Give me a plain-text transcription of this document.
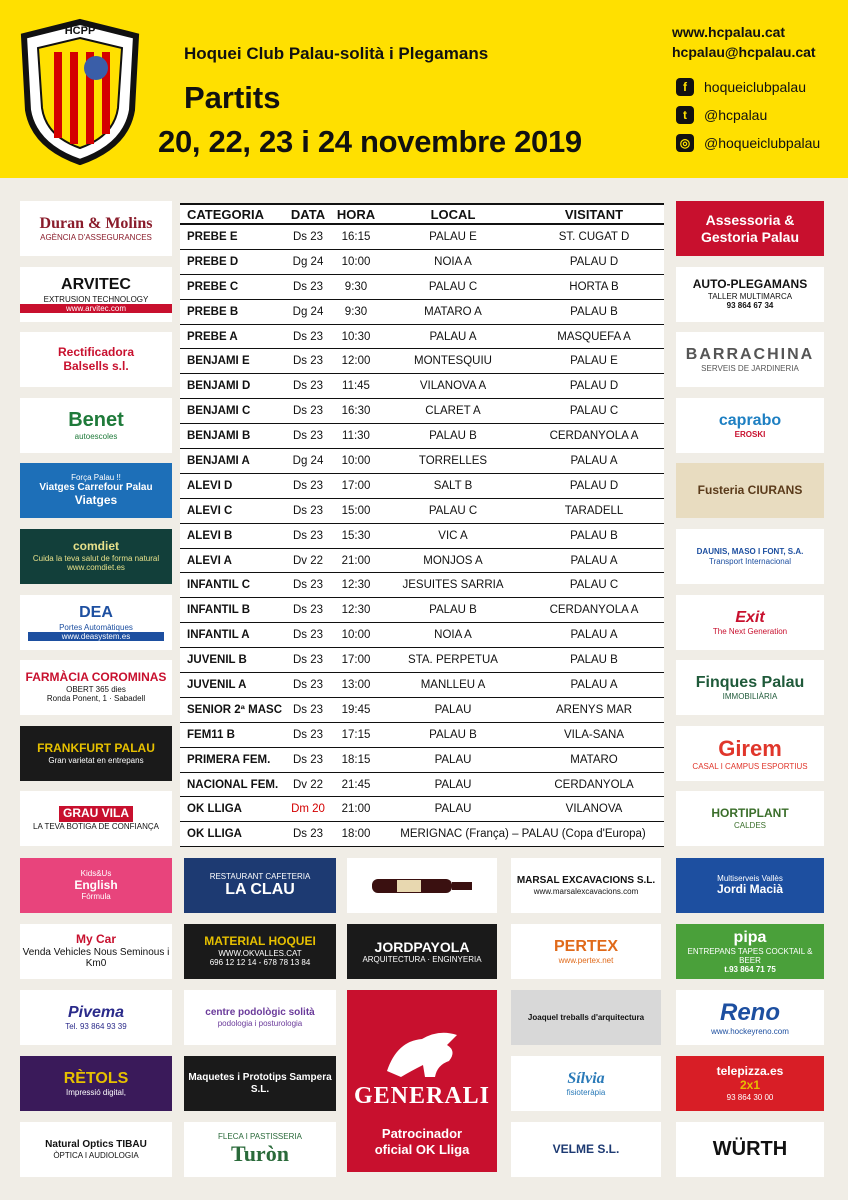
HCPP
Hoquei Club Palau-solità i Plegamans
Partits
20, 22, 23 i 24 novembre 2019
www.hcpalau.cat
hcpalau@hcpalau.cat
f	hoqueiclubpalau
t	@hcpalau
◎ @hoqueiclubpalau
CATEGORIA	DATA HORA	LOCAL	VISITANT
PREBE E	Ds 23	16:15	PALAU E	ST. CUGAT D
PREBE D	Dg 24	10:00	NOIA A	PALAU D
PREBE C	Ds 23	9:30	PALAU C	HORTA B
PREBE B	Dg 24	9:30	MATARO A	PALAU B
PREBE A	Ds 23	10:30	PALAU A	MASQUEFA A
BENJAMI E	Ds 23	12:00	MONTESQUIU	PALAU E
BENJAMI D	Ds 23	11:45	VILANOVA A	PALAU D
BENJAMI C	Ds 23	16:30	CLARET A	PALAU C
BENJAMI B	Ds 23	11:30	PALAU B	CERDANYOLA A
BENJAMI A	Dg 24	10:00	TORRELLES	PALAU A
ALEVI D	Ds 23	17:00	SALT B	PALAU D
ALEVI C	Ds 23	15:00	PALAU C	TARADELL
ALEVI B	Ds 23	15:30	VIC A	PALAU B
ALEVI A	Dv 22	21:00	MONJOS A	PALAU A
INFANTIL C	Ds 23	12:30	JESUITES SARRIA	PALAU C
INFANTIL B	Ds 23	12:30	PALAU B	CERDANYOLA A
INFANTIL A	Ds 23	10:00	NOIA A	PALAU A
JUVENIL B	Ds 23	17:00	STA. PERPETUA	PALAU B
JUVENIL A	Ds 23	13:00	MANLLEU A	PALAU A
SENIOR 2ª MASC Ds 23	19:45	PALAU	ARENYS MAR
FEM11 B	Ds 23	17:15	PALAU B	VILA-SANA
PRIMERA FEM.	Ds 23	18:15	PALAU	MATARO
NACIONAL FEM.	Dv 22	21:45	PALAU	CERDANYOLA
OK LLIGA	Dm 20	21:00	PALAU	VILANOVA
OK LLIGA	Ds 23	18:00	MERIGNAC (França) – PALAU (Copa d'Europa)
Duran & Molins
AGÈNCIA D'ASSEGURANCES
ARVITEC
EXTRUSION TECHNOLOGY
www.arvitec.com
Rectificadora
Balsells s.l.
Benet
autoescoles
Força Palau !!
Viatges Carrefour Palau
Viatges
comdiet
Cuida la teva salut de forma natural
www.comdiet.es
DEA
Portes Automàtiques
www.deasystem.es
FARMÀCIA COROMINAS
OBERT 365 dies
Ronda Ponent, 1 · Sabadell
FRANKFURT PALAU
Gran varietat en entrepans
GRAU VILA
LA TEVA BOTIGA DE CONFIANÇA
Assessoria &
Gestoria Palau
AUTO-PLEGAMANS
TALLER MULTIMARCA
93 864 67 34
BARRACHINA
SERVEIS DE JARDINERIA
caprabo
EROSKI
Fusteria CIURANS
DAUNIS, MASO I FONT, S.A.
Transport Internacional
Exit
The Next Generation
Finques Palau
IMMOBILIÀRIA
Girem
CASAL I CAMPUS ESPORTIUS
HORTIPLANT
CALDES
Kids&Us
English
Fórmula
RESTAURANT CAFETERIA
LA CLAU
MARSAL EXCAVACIONS S.L.
www.marsalexcavacions.com
Multiserveis Vallès
Jordi Macià
My Car
Venda Vehicles Nous Seminous i Km0
MATERIAL HOQUEI
WWW.OKVALLES.CAT
696 12 12 14 - 678 78 13 84
JORDPAYOLA
ARQUITECTURA · ENGINYERIA
PERTEX
www.pertex.net
pipa
ENTREPANS TAPES COCKTAIL & BEER
t.93 864 71 75
Pivema
Tel. 93 864 93 39
centre podològic solità
podologia i posturologia
Joaquel treballs d'arquitectura	Reno
www.hockeyreno.com
RÈTOLS
Impressió digital,
Maquetes i Prototips Sampera S.L.
Sílvia
fisioteràpia
telepizza.es
2x1
93 864 30 00
Natural Optics TIBAU
ÒPTICA I AUDIOLOGIA
FLECA I PASTISSERIA
Turòn	VELME S.L.	WÜRTH
GENERALI
Patrocinador
oficial OK Lliga
